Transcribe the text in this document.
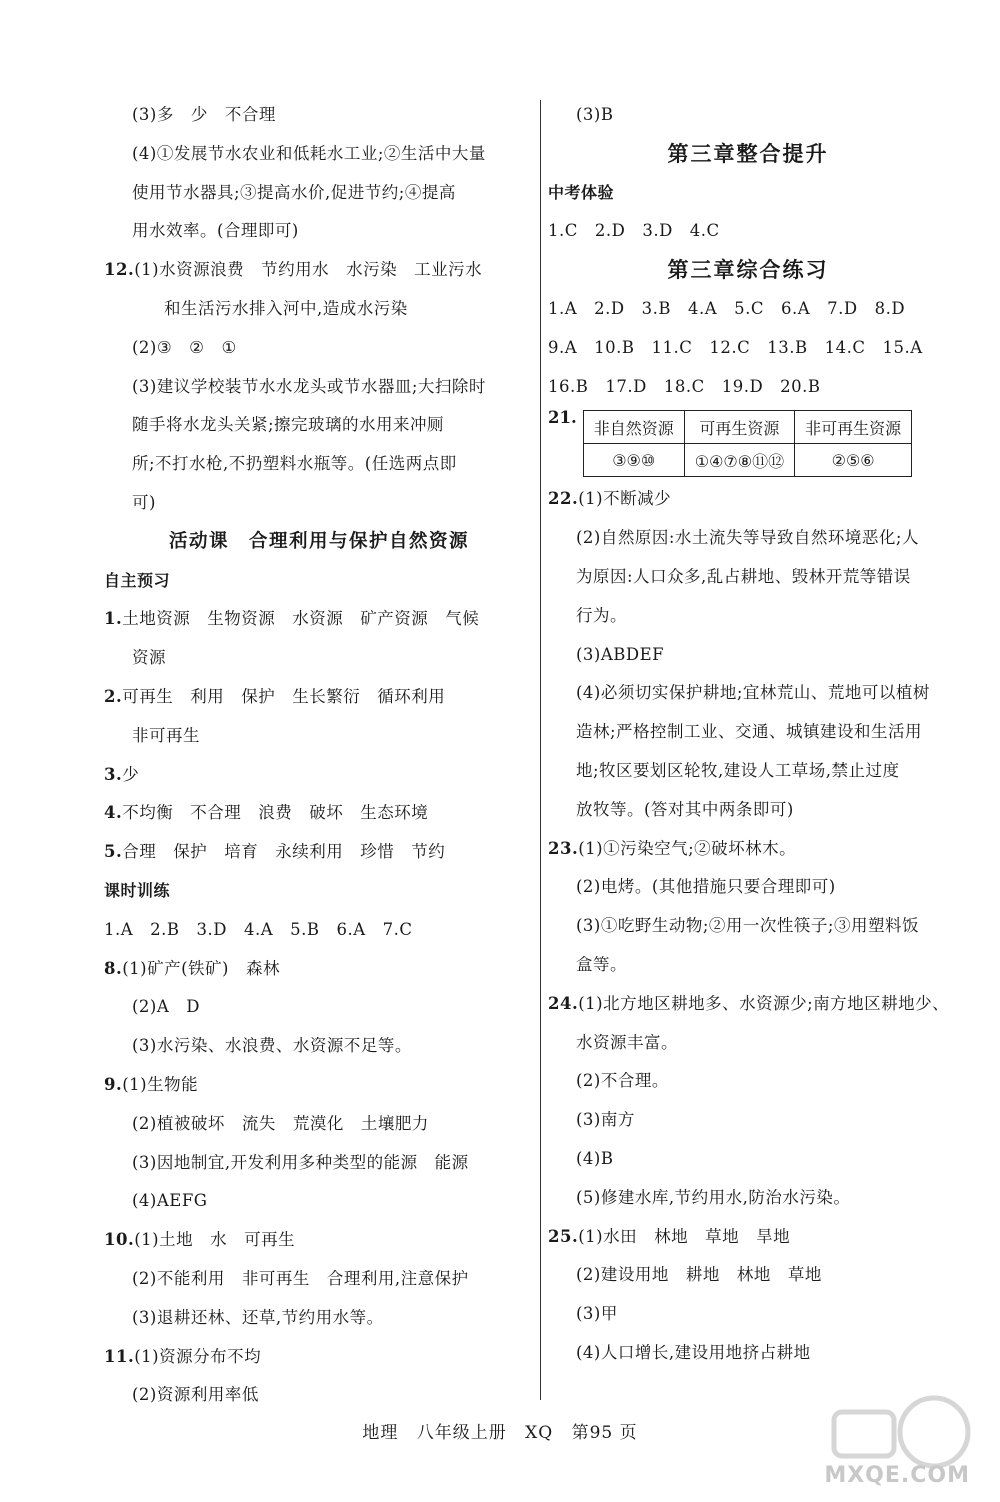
(3)多　少　不合理
(4)①发展节水农业和低耗水工业;②生活中大量
使用节水器具;③提高水价,促进节约;④提高
用水效率。(合理即可)
12.(1)水资源浪费　节约用水　水污染　工业污水
和生活污水排入河中,造成水污染
(2)③　②　①
(3)建议学校装节水水龙头或节水器皿;大扫除时
随手将水龙头关紧;擦完玻璃的水用来冲厕
所;不打水枪,不扔塑料水瓶等。(任选两点即
可)
活动课　合理利用与保护自然资源
自主预习
1.土地资源　生物资源　水资源　矿产资源　气候
资源
2.可再生　利用　保护　生长繁衍　循环利用
非可再生
3.少
4.不均衡　不合理　浪费　破坏　生态环境
5.合理　保护　培育　永续利用　珍惜　节约
课时训练
1.A　2.B　3.D　4.A　5.B　6.A　7.C
8.(1)矿产(铁矿)　森林
(2)A　D
(3)水污染、水浪费、水资源不足等。
9.(1)生物能
(2)植被破坏　流失　荒漠化　土壤肥力
(3)因地制宜,开发利用多种类型的能源　能源
(4)AEFG
10.(1)土地　水　可再生
(2)不能利用　非可再生　合理利用,注意保护
(3)退耕还林、还草,节约用水等。
11.(1)资源分布不均
(2)资源利用率低
(3)B
第三章整合提升
中考体验
1.C　2.D　3.D　4.C
第三章综合练习
1.A　2.D　3.B　4.A　5.C　6.A　7.D　8.D
9.A　10.B　11.C　12.C　13.B　14.C　15.A
16.B　17.D　18.C　19.D　20.B
21.
非自然资源	可再生资源	非可再生资源
③⑨⑩	①④⑦⑧⑪⑫	②⑤⑥
22.(1)不断减少
(2)自然原因:水土流失等导致自然环境恶化;人
为原因:人口众多,乱占耕地、毁林开荒等错误
行为。
(3)ABDEF
(4)必须切实保护耕地;宜林荒山、荒地可以植树
造林;严格控制工业、交通、城镇建设和生活用
地;牧区要划区轮牧,建设人工草场,禁止过度
放牧等。(答对其中两条即可)
23.(1)①污染空气;②破坏林木。
(2)电烤。(其他措施只要合理即可)
(3)①吃野生动物;②用一次性筷子;③用塑料饭
盒等。
24.(1)北方地区耕地多、水资源少;南方地区耕地少、
水资源丰富。
(2)不合理。
(3)南方
(4)B
(5)修建水库,节约用水,防治水污染。
25.(1)水田　林地　草地　旱地
(2)建设用地　耕地　林地　草地
(3)甲
(4)人口增长,建设用地挤占耕地
地理 八年级上册 XQ 第95 页
MXQE.COM
